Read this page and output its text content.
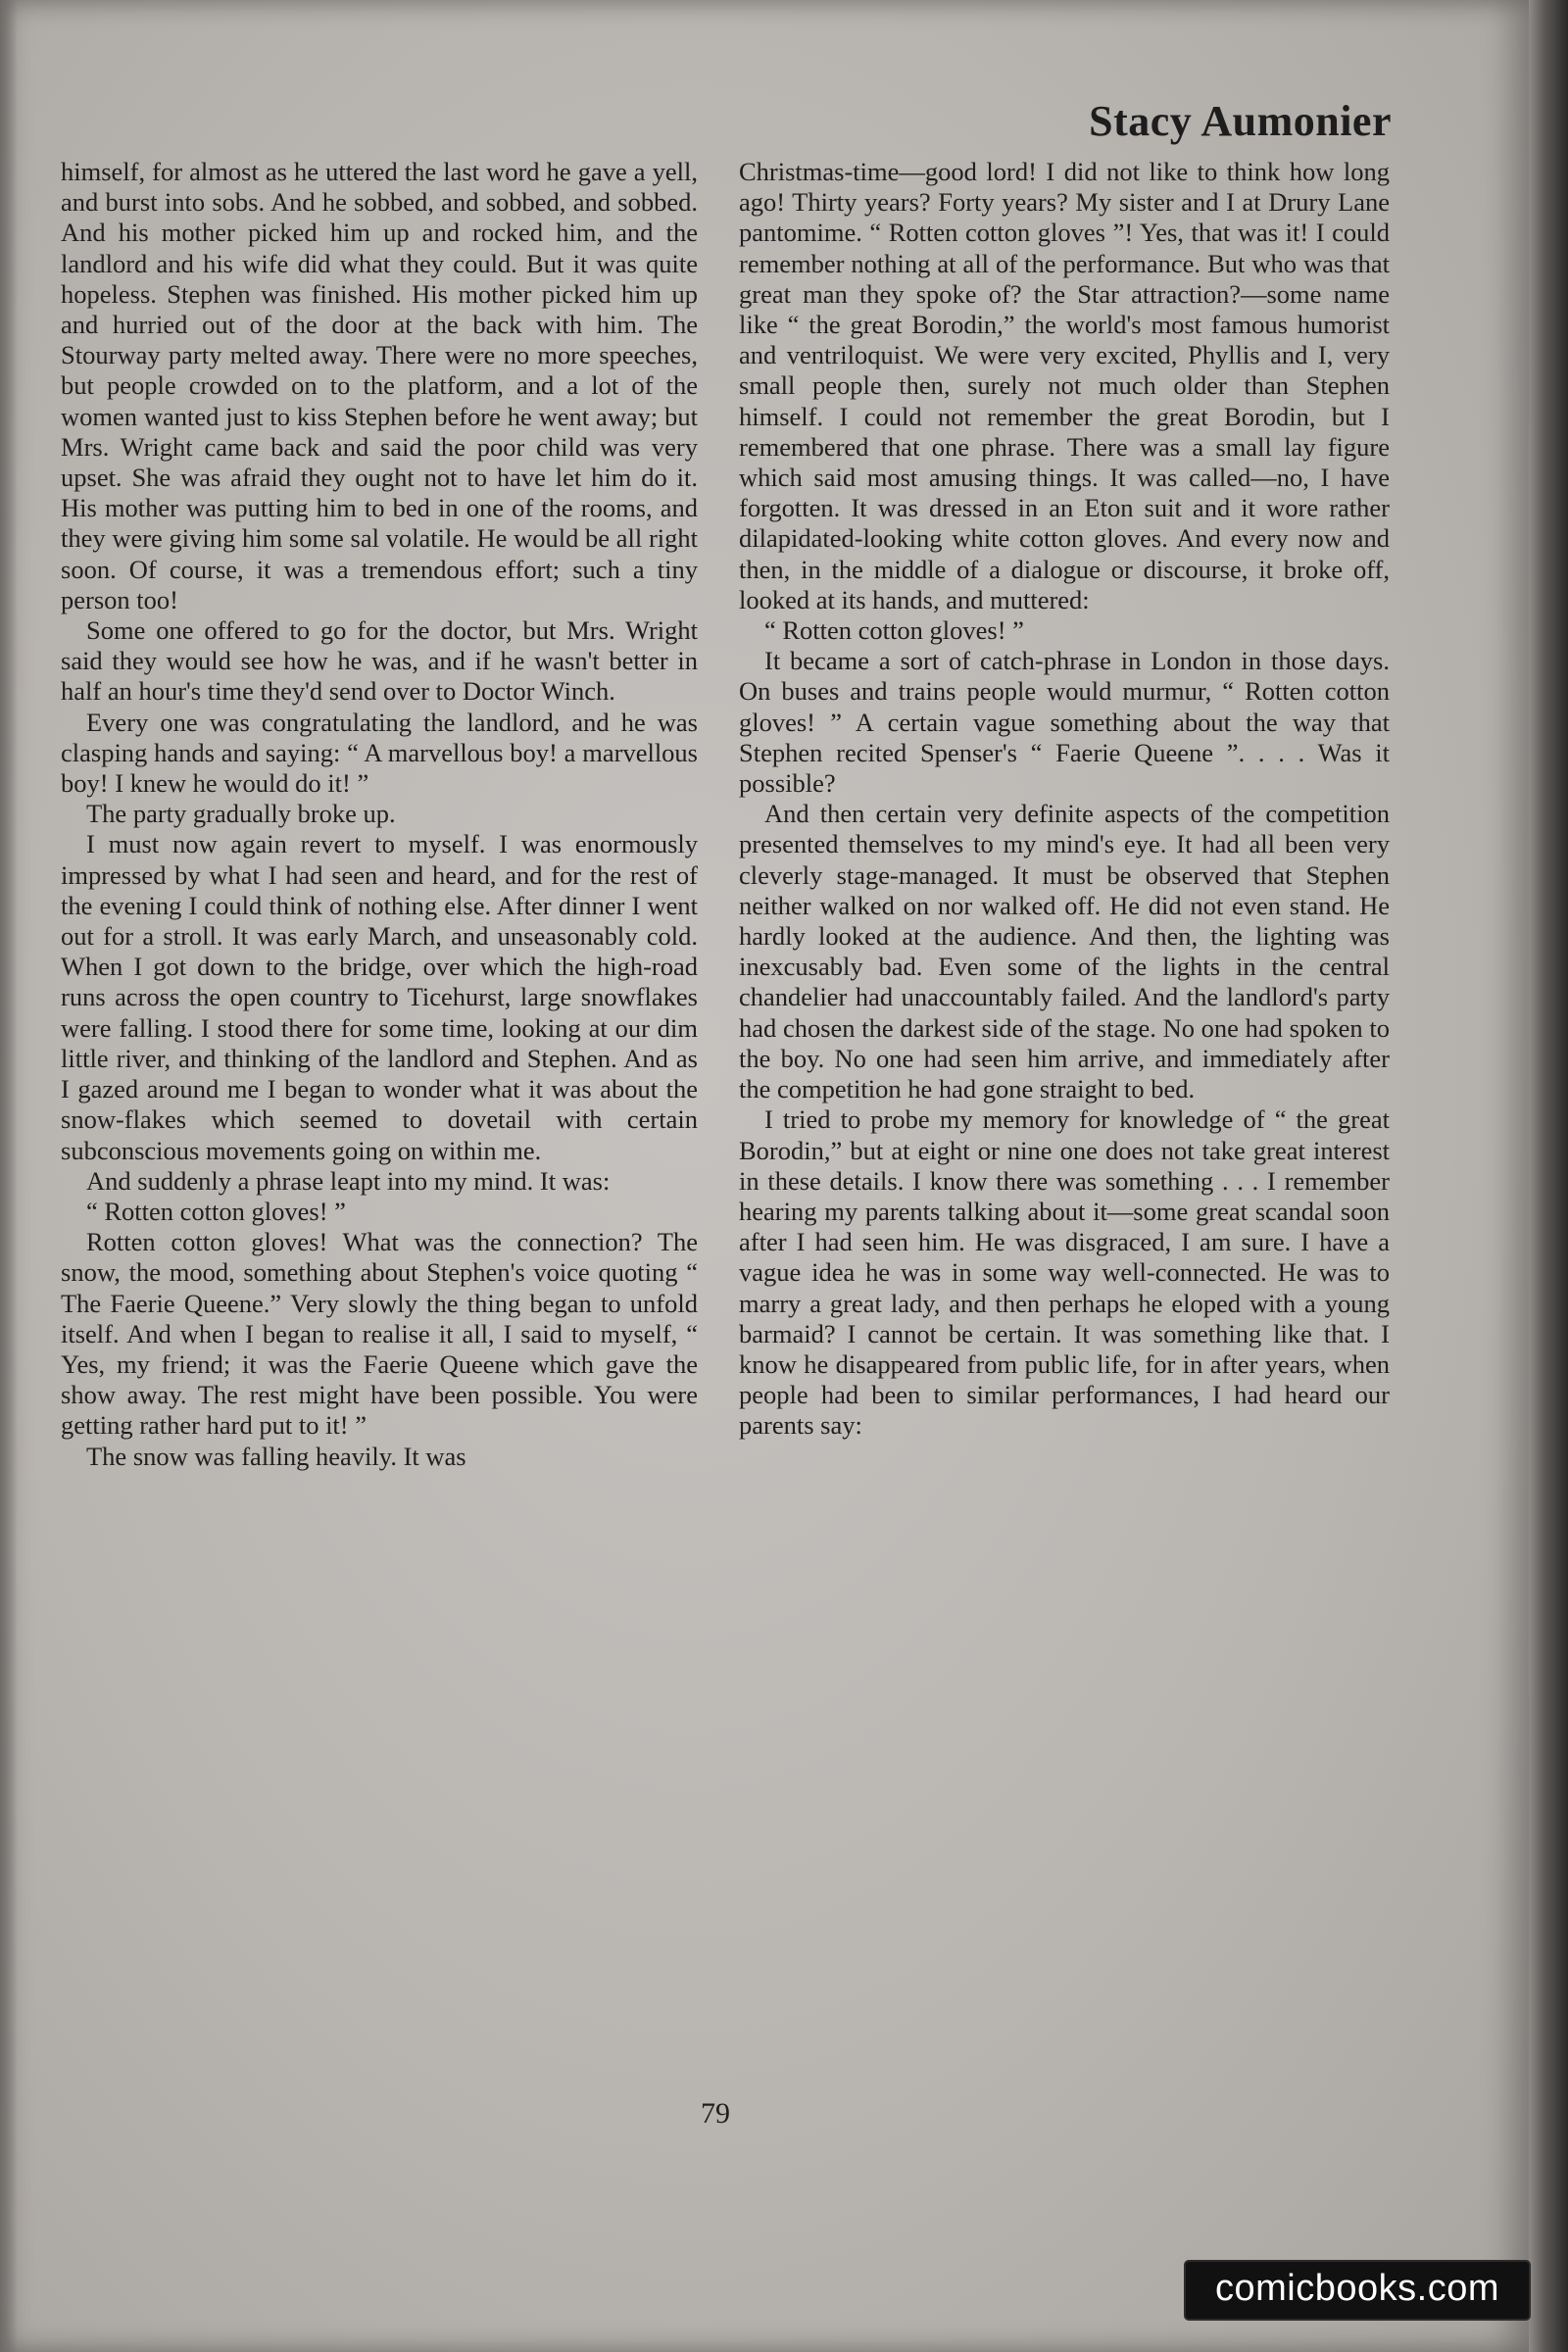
Stacy Aumonier

himself, for almost as he uttered the last word he gave a yell, and burst into sobs. And he sobbed, and sobbed, and sobbed. And his mother picked him up and rocked him, and the landlord and his wife did what they could. But it was quite hopeless. Stephen was finished. His mother picked him up and hurried out of the door at the back with him. The Stourway party melted away. There were no more speeches, but people crowded on to the platform, and a lot of the women wanted just to kiss Stephen before he went away; but Mrs. Wright came back and said the poor child was very upset. She was afraid they ought not to have let him do it. His mother was putting him to bed in one of the rooms, and they were giving him some sal volatile. He would be all right soon. Of course, it was a tremendous effort; such a tiny person too!

Some one offered to go for the doctor, but Mrs. Wright said they would see how he was, and if he wasn't better in half an hour's time they'd send over to Doctor Winch.

Every one was congratulating the landlord, and he was clasping hands and saying: “ A marvellous boy! a marvellous boy! I knew he would do it! ”

The party gradually broke up.

I must now again revert to myself. I was enormously impressed by what I had seen and heard, and for the rest of the evening I could think of nothing else. After dinner I went out for a stroll. It was early March, and unseasonably cold. When I got down to the bridge, over which the high-road runs across the open country to Ticehurst, large snowflakes were falling. I stood there for some time, looking at our dim little river, and thinking of the landlord and Stephen. And as I gazed around me I began to wonder what it was about the snow-flakes which seemed to dovetail with certain subconscious movements going on within me.

And suddenly a phrase leapt into my mind. It was:

“ Rotten cotton gloves! ”

Rotten cotton gloves! What was the connection? The snow, the mood, something about Stephen's voice quoting “ The Faerie Queene.” Very slowly the thing began to unfold itself. And when I began to realise it all, I said to myself, “ Yes, my friend; it was the Faerie Queene which gave the show away. The rest might have been possible. You were getting rather hard put to it! ”

The snow was falling heavily. It was

Christmas-time—good lord! I did not like to think how long ago! Thirty years? Forty years? My sister and I at Drury Lane pantomime. “ Rotten cotton gloves ”! Yes, that was it! I could remember nothing at all of the performance. But who was that great man they spoke of? the Star attraction?—some name like “ the great Borodin,” the world's most famous humorist and ventriloquist. We were very excited, Phyllis and I, very small people then, surely not much older than Stephen himself. I could not remember the great Borodin, but I remembered that one phrase. There was a small lay figure which said most amusing things. It was called—no, I have forgotten. It was dressed in an Eton suit and it wore rather dilapidated-looking white cotton gloves. And every now and then, in the middle of a dialogue or discourse, it broke off, looked at its hands, and muttered:

“ Rotten cotton gloves! ”

It became a sort of catch-phrase in London in those days. On buses and trains people would murmur, “ Rotten cotton gloves! ” A certain vague something about the way that Stephen recited Spenser's “ Faerie Queene ”. . . . Was it possible?

And then certain very definite aspects of the competition presented themselves to my mind's eye. It had all been very cleverly stage-managed. It must be observed that Stephen neither walked on nor walked off. He did not even stand. He hardly looked at the audience. And then, the lighting was inexcusably bad. Even some of the lights in the central chandelier had unaccountably failed. And the landlord's party had chosen the darkest side of the stage. No one had spoken to the boy. No one had seen him arrive, and immediately after the competition he had gone straight to bed.

I tried to probe my memory for knowledge of “ the great Borodin,” but at eight or nine one does not take great interest in these details. I know there was something . . . I remember hearing my parents talking about it—some great scandal soon after I had seen him. He was disgraced, I am sure. I have a vague idea he was in some way well-connected. He was to marry a great lady, and then perhaps he eloped with a young barmaid? I cannot be certain. It was something like that. I know he disappeared from public life, for in after years, when people had been to similar performances, I had heard our parents say:

79
comicbooks.com
